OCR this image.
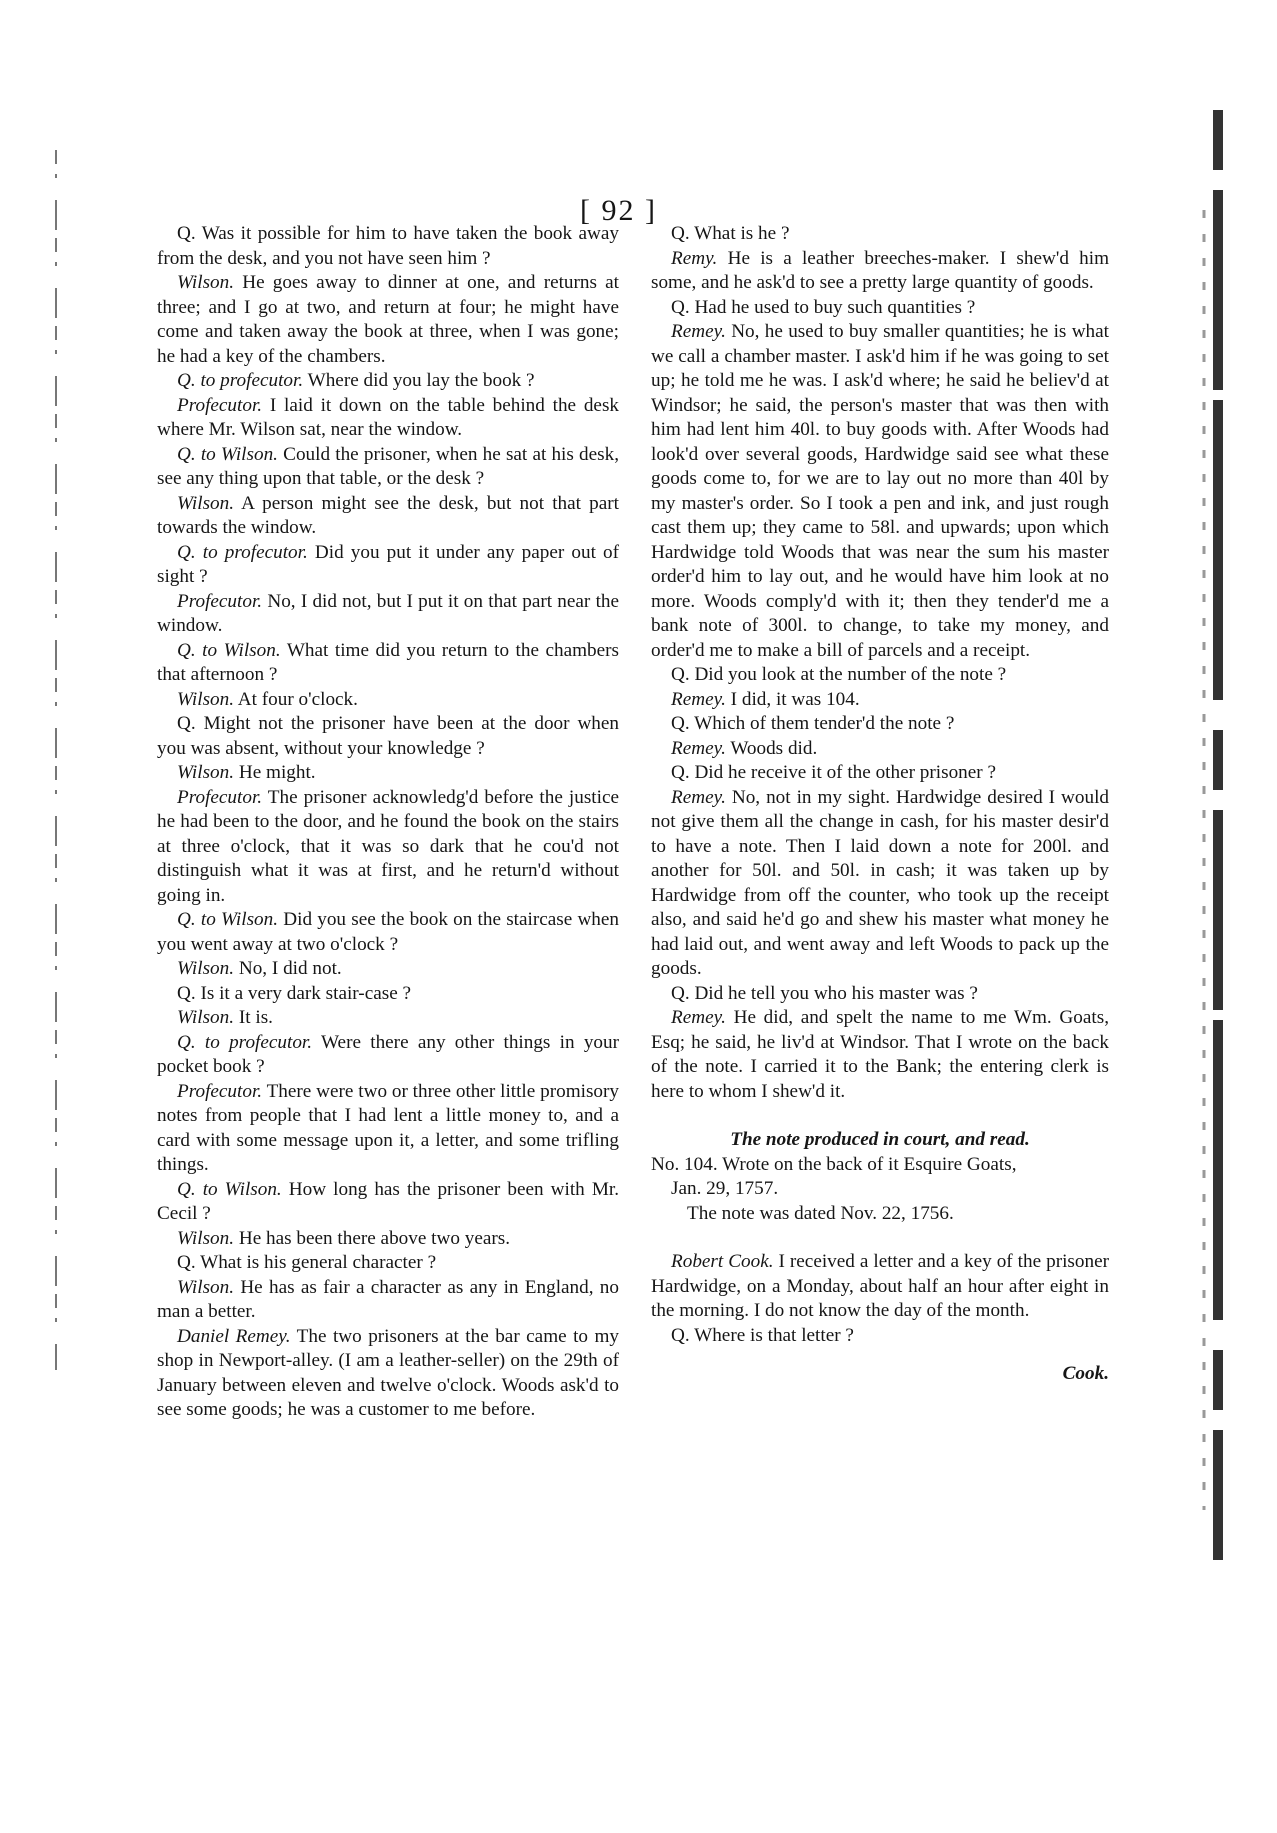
[ 92 ]

Q. Was it possible for him to have taken the book away from the desk, and you not have seen him ?

Wilson. He goes away to dinner at one, and returns at three; and I go at two, and return at four; he might have come and taken away the book at three, when I was gone; he had a key of the chambers.

Q. to profecutor. Where did you lay the book ?

Profecutor. I laid it down on the table behind the desk where Mr. Wilson sat, near the window.

Q. to Wilson. Could the prisoner, when he sat at his desk, see any thing upon that table, or the desk ?

Wilson. A person might see the desk, but not that part towards the window.

Q. to profecutor. Did you put it under any paper out of sight ?

Profecutor. No, I did not, but I put it on that part near the window.

Q. to Wilson. What time did you return to the chambers that afternoon ?

Wilson. At four o'clock.

Q. Might not the prisoner have been at the door when you was absent, without your knowledge ?

Wilson. He might.

Profecutor. The prisoner acknowledg'd before the justice he had been to the door, and he found the book on the stairs at three o'clock, that it was so dark that he cou'd not distinguish what it was at first, and he return'd without going in.

Q. to Wilson. Did you see the book on the staircase when you went away at two o'clock ?

Wilson. No, I did not.

Q. Is it a very dark stair-case ?

Wilson. It is.

Q. to profecutor. Were there any other things in your pocket book ?

Profecutor. There were two or three other little promisory notes from people that I had lent a little money to, and a card with some message upon it, a letter, and some trifling things.

Q. to Wilson. How long has the prisoner been with Mr. Cecil ?

Wilson. He has been there above two years.

Q. What is his general character ?

Wilson. He has as fair a character as any in England, no man a better.

Daniel Remey. The two prisoners at the bar came to my shop in Newport-alley. (I am a leather-seller) on the 29th of January between eleven and twelve o'clock. Woods ask'd to see some goods; he was a customer to me before.

Q. What is he ?

Remy. He is a leather breeches-maker. I shew'd him some, and he ask'd to see a pretty large quantity of goods.

Q. Had he used to buy such quantities ?

Remey. No, he used to buy smaller quantities; he is what we call a chamber master. I ask'd him if he was going to set up; he told me he was. I ask'd where; he said he believ'd at Windsor; he said, the person's master that was then with him had lent him 40l. to buy goods with. After Woods had look'd over several goods, Hardwidge said see what these goods come to, for we are to lay out no more than 40l by my master's order. So I took a pen and ink, and just rough cast them up; they came to 58l. and upwards; upon which Hardwidge told Woods that was near the sum his master order'd him to lay out, and he would have him look at no more. Woods comply'd with it; then they tender'd me a bank note of 300l. to change, to take my money, and order'd me to make a bill of parcels and a receipt.

Q. Did you look at the number of the note ?

Remey. I did, it was 104.

Q. Which of them tender'd the note ?

Remey. Woods did.

Q. Did he receive it of the other prisoner ?

Remey. No, not in my sight. Hardwidge desired I would not give them all the change in cash, for his master desir'd to have a note. Then I laid down a note for 200l. and another for 50l. and 50l. in cash; it was taken up by Hardwidge from off the counter, who took up the receipt also, and said he'd go and shew his master what money he had laid out, and went away and left Woods to pack up the goods.

Q. Did he tell you who his master was ?

Remey. He did, and spelt the name to me Wm. Goats, Esq; he said, he liv'd at Windsor. That I wrote on the back of the note. I carried it to the Bank; the entering clerk is here to whom I shew'd it.

The note produced in court, and read.

No. 104. Wrote on the back of it Esquire Goats,

Jan. 29, 1757.

The note was dated Nov. 22, 1756.

Robert Cook. I received a letter and a key of the prisoner Hardwidge, on a Monday, about half an hour after eight in the morning. I do not know the day of the month.

Q. Where is that letter ?

Cook.
